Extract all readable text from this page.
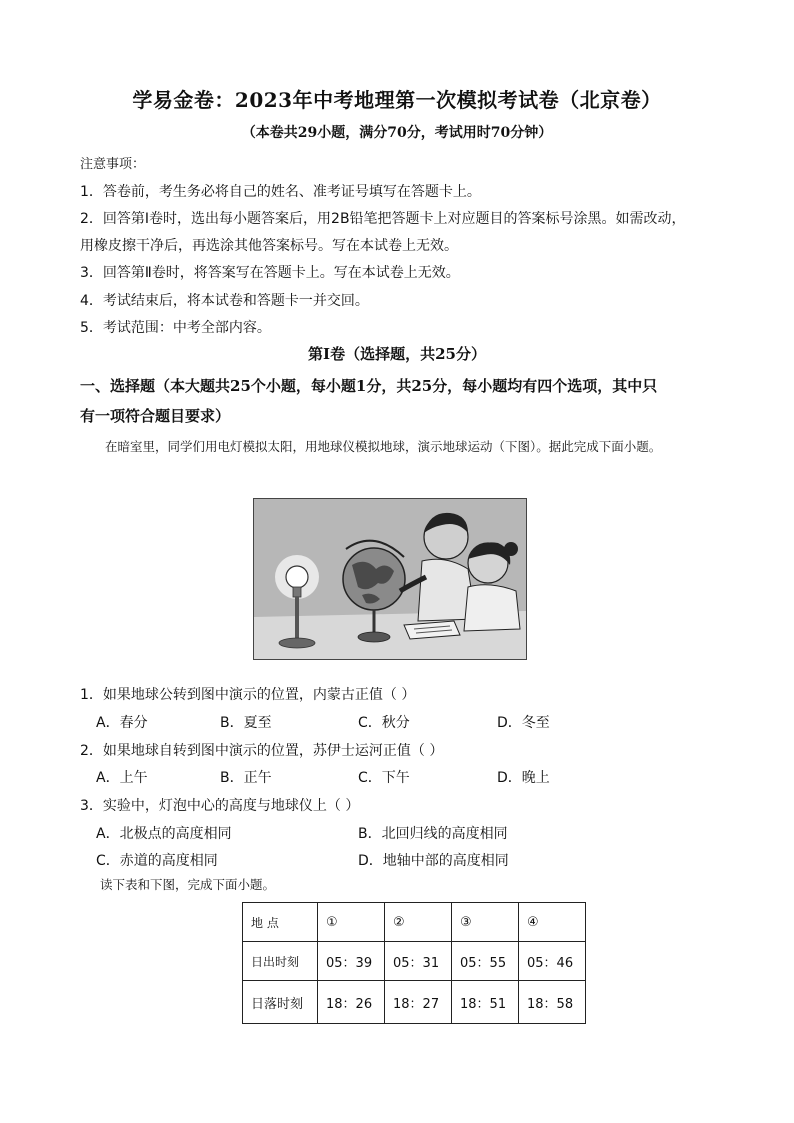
学易金卷：2023年中考地理第一次模拟考试卷（北京卷）
（本卷共29小题，满分70分，考试用时70分钟）
注意事项：
1．答卷前，考生务必将自己的姓名、准考证号填写在答题卡上。
2．回答第Ⅰ卷时，选出每小题答案后，用2B铅笔把答题卡上对应题目的答案标号涂黑。如需改动，
用橡皮擦干净后，再选涂其他答案标号。写在本试卷上无效。
3．回答第Ⅱ卷时，将答案写在答题卡上。写在本试卷上无效。
4．考试结束后，将本试卷和答题卡一并交回。
5．考试范围：中考全部内容。
第Ⅰ卷（选择题，共25分）
一、选择题（本大题共25个小题，每小题1分，共25分，每小题均有四个选项，其中只
有一项符合题目要求）
在暗室里，同学们用电灯模拟太阳，用地球仪模拟地球，演示地球运动（下图）。据此完成下面小题。
1．如果地球公转到图中演示的位置，内蒙古正值（ ）
A．春分	B．夏至	C．秋分	D．冬至
2．如果地球自转到图中演示的位置，苏伊士运河正值（ ）
A．上午	B．正午	C．下午	D．晚上
3．实验中，灯泡中心的高度与地球仪上（ ）
A．北极点的高度相同	B．北回归线的高度相同
C．赤道的高度相同	D．地轴中部的高度相同
读下表和下图，完成下面小题。
地 点	①	②	③	④
日出时刻	05：39	05：31	05：55	05：46
日落时刻	18：26	18：27	18：51	18：58
